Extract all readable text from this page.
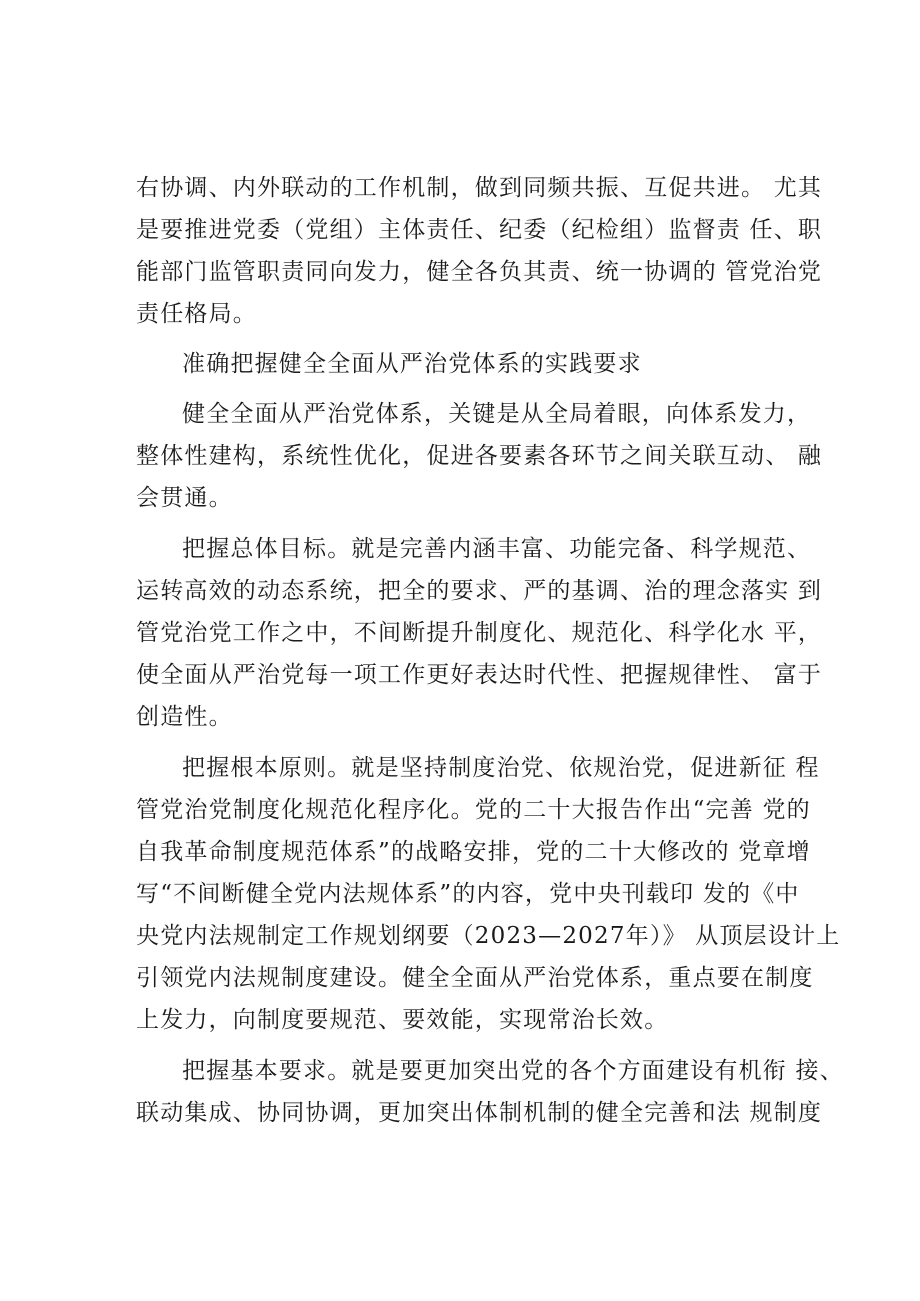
右协调、内外联动的工作机制，做到同频共振、互促共进。 尤其
是要推进党委（党组）主体责任、纪委（纪检组）监督责 任、职
能部门监管职责同向发力，健全各负其责、统一协调的 管党治党
责任格局。
准确把握健全全面从严治党体系的实践要求
健全全面从严治党体系，关键是从全局着眼，向体系发力，
整体性建构，系统性优化，促进各要素各环节之间关联互动、 融
会贯通。
把握总体目标。就是完善内涵丰富、功能完备、科学规范、
运转高效的动态系统，把全的要求、严的基调、治的理念落实 到
管党治党工作之中，不间断提升制度化、规范化、科学化水 平，
使全面从严治党每一项工作更好表达时代性、把握规律性、 富于
创造性。
把握根本原则。就是坚持制度治党、依规治党，促进新征 程
管党治党制度化规范化程序化。党的二十大报告作出“完善 党的
自我革命制度规范体系”的战略安排，党的二十大修改的 党章增
写“不间断健全党内法规体系”的内容，党中央刊载印 发的《中
央党内法规制定工作规划纲要（2023—2027年）》 从顶层设计上
引领党内法规制度建设。健全全面从严治党体系，重点要在制度
上发力，向制度要规范、要效能，实现常治长效。
把握基本要求。就是要更加突出党的各个方面建设有机衔 接、
联动集成、协同协调，更加突出体制机制的健全完善和法 规制度
